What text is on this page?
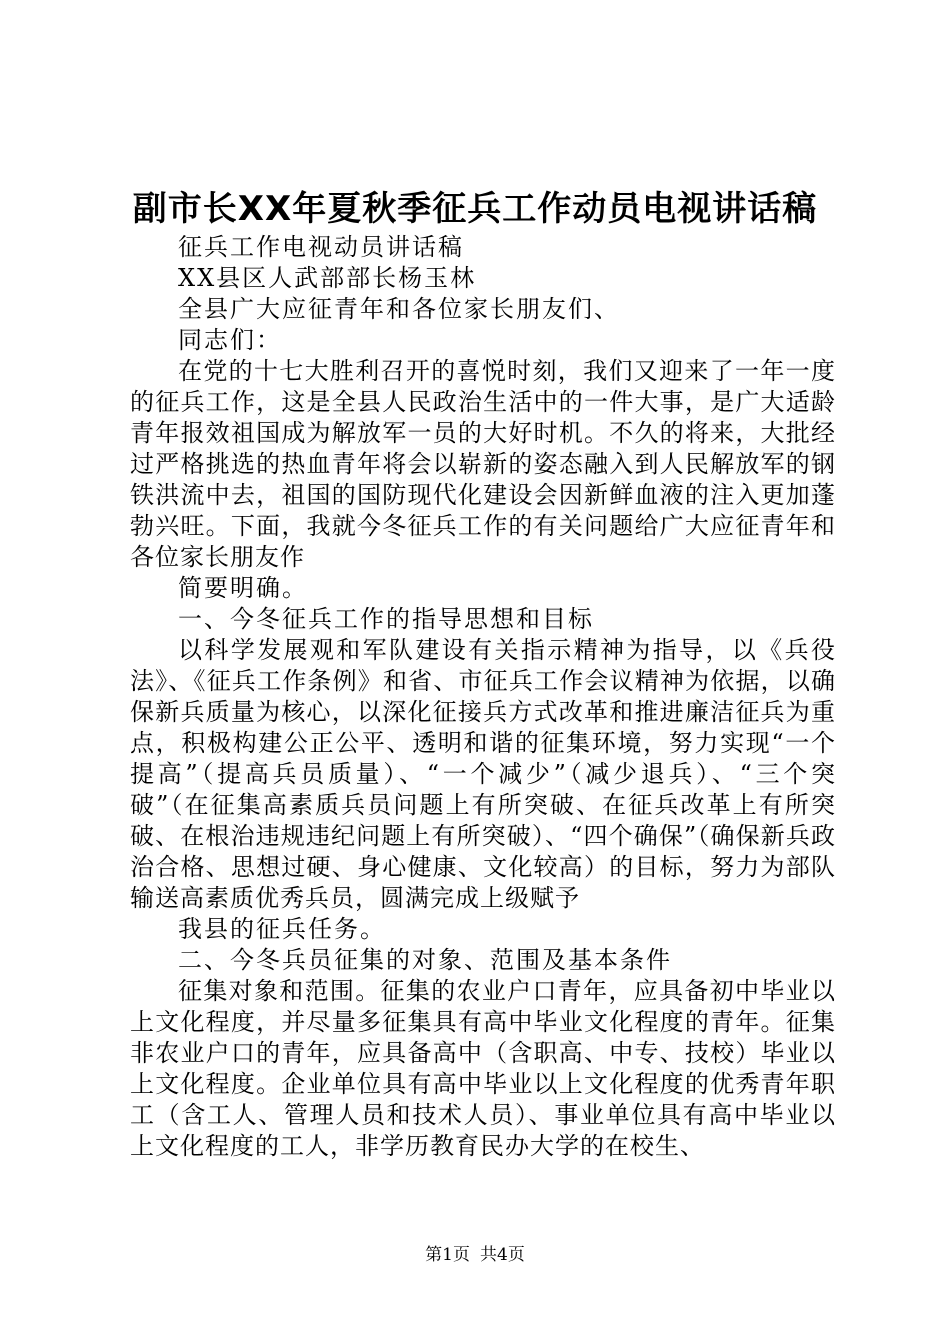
副市长XX年夏秋季征兵工作动员电视讲话稿

征兵工作电视动员讲话稿

XX县区人武部部长杨玉林

全县广大应征青年和各位家长朋友们、

同志们：

在党的十七大胜利召开的喜悦时刻，我们又迎来了一年一度的征兵工作，这是全县人民政治生活中的一件大事，是广大适龄青年报效祖国成为解放军一员的大好时机。不久的将来，大批经过严格挑选的热血青年将会以崭新的姿态融入到人民解放军的钢铁洪流中去，祖国的国防现代化建设会因新鲜血液的注入更加蓬勃兴旺。下面，我就今冬征兵工作的有关问题给广大应征青年和各位家长朋友作

简要明确。

一、今冬征兵工作的指导思想和目标

以科学发展观和军队建设有关指示精神为指导，以《兵役法》、《征兵工作条例》和省、市征兵工作会议精神为依据，以确保新兵质量为核心，以深化征接兵方式改革和推进廉洁征兵为重点，积极构建公正公平、透明和谐的征集环境，努力实现“一个提高”（提高兵员质量）、“一个减少”（减少退兵）、“三个突破”（在征集高素质兵员问题上有所突破、在征兵改革上有所突破、在根治违规违纪问题上有所突破）、“四个确保”（确保新兵政治合格、思想过硬、身心健康、文化较高）的目标，努力为部队输送高素质优秀兵员，圆满完成上级赋予

我县的征兵任务。

二、今冬兵员征集的对象、范围及基本条件

征集对象和范围。征集的农业户口青年，应具备初中毕业以上文化程度，并尽量多征集具有高中毕业文化程度的青年。征集非农业户口的青年，应具备高中（含职高、中专、技校）毕业以上文化程度。企业单位具有高中毕业以上文化程度的优秀青年职工（含工人、管理人员和技术人员）、事业单位具有高中毕业以上文化程度的工人，非学历教育民办大学的在校生、

第1页 共4页
